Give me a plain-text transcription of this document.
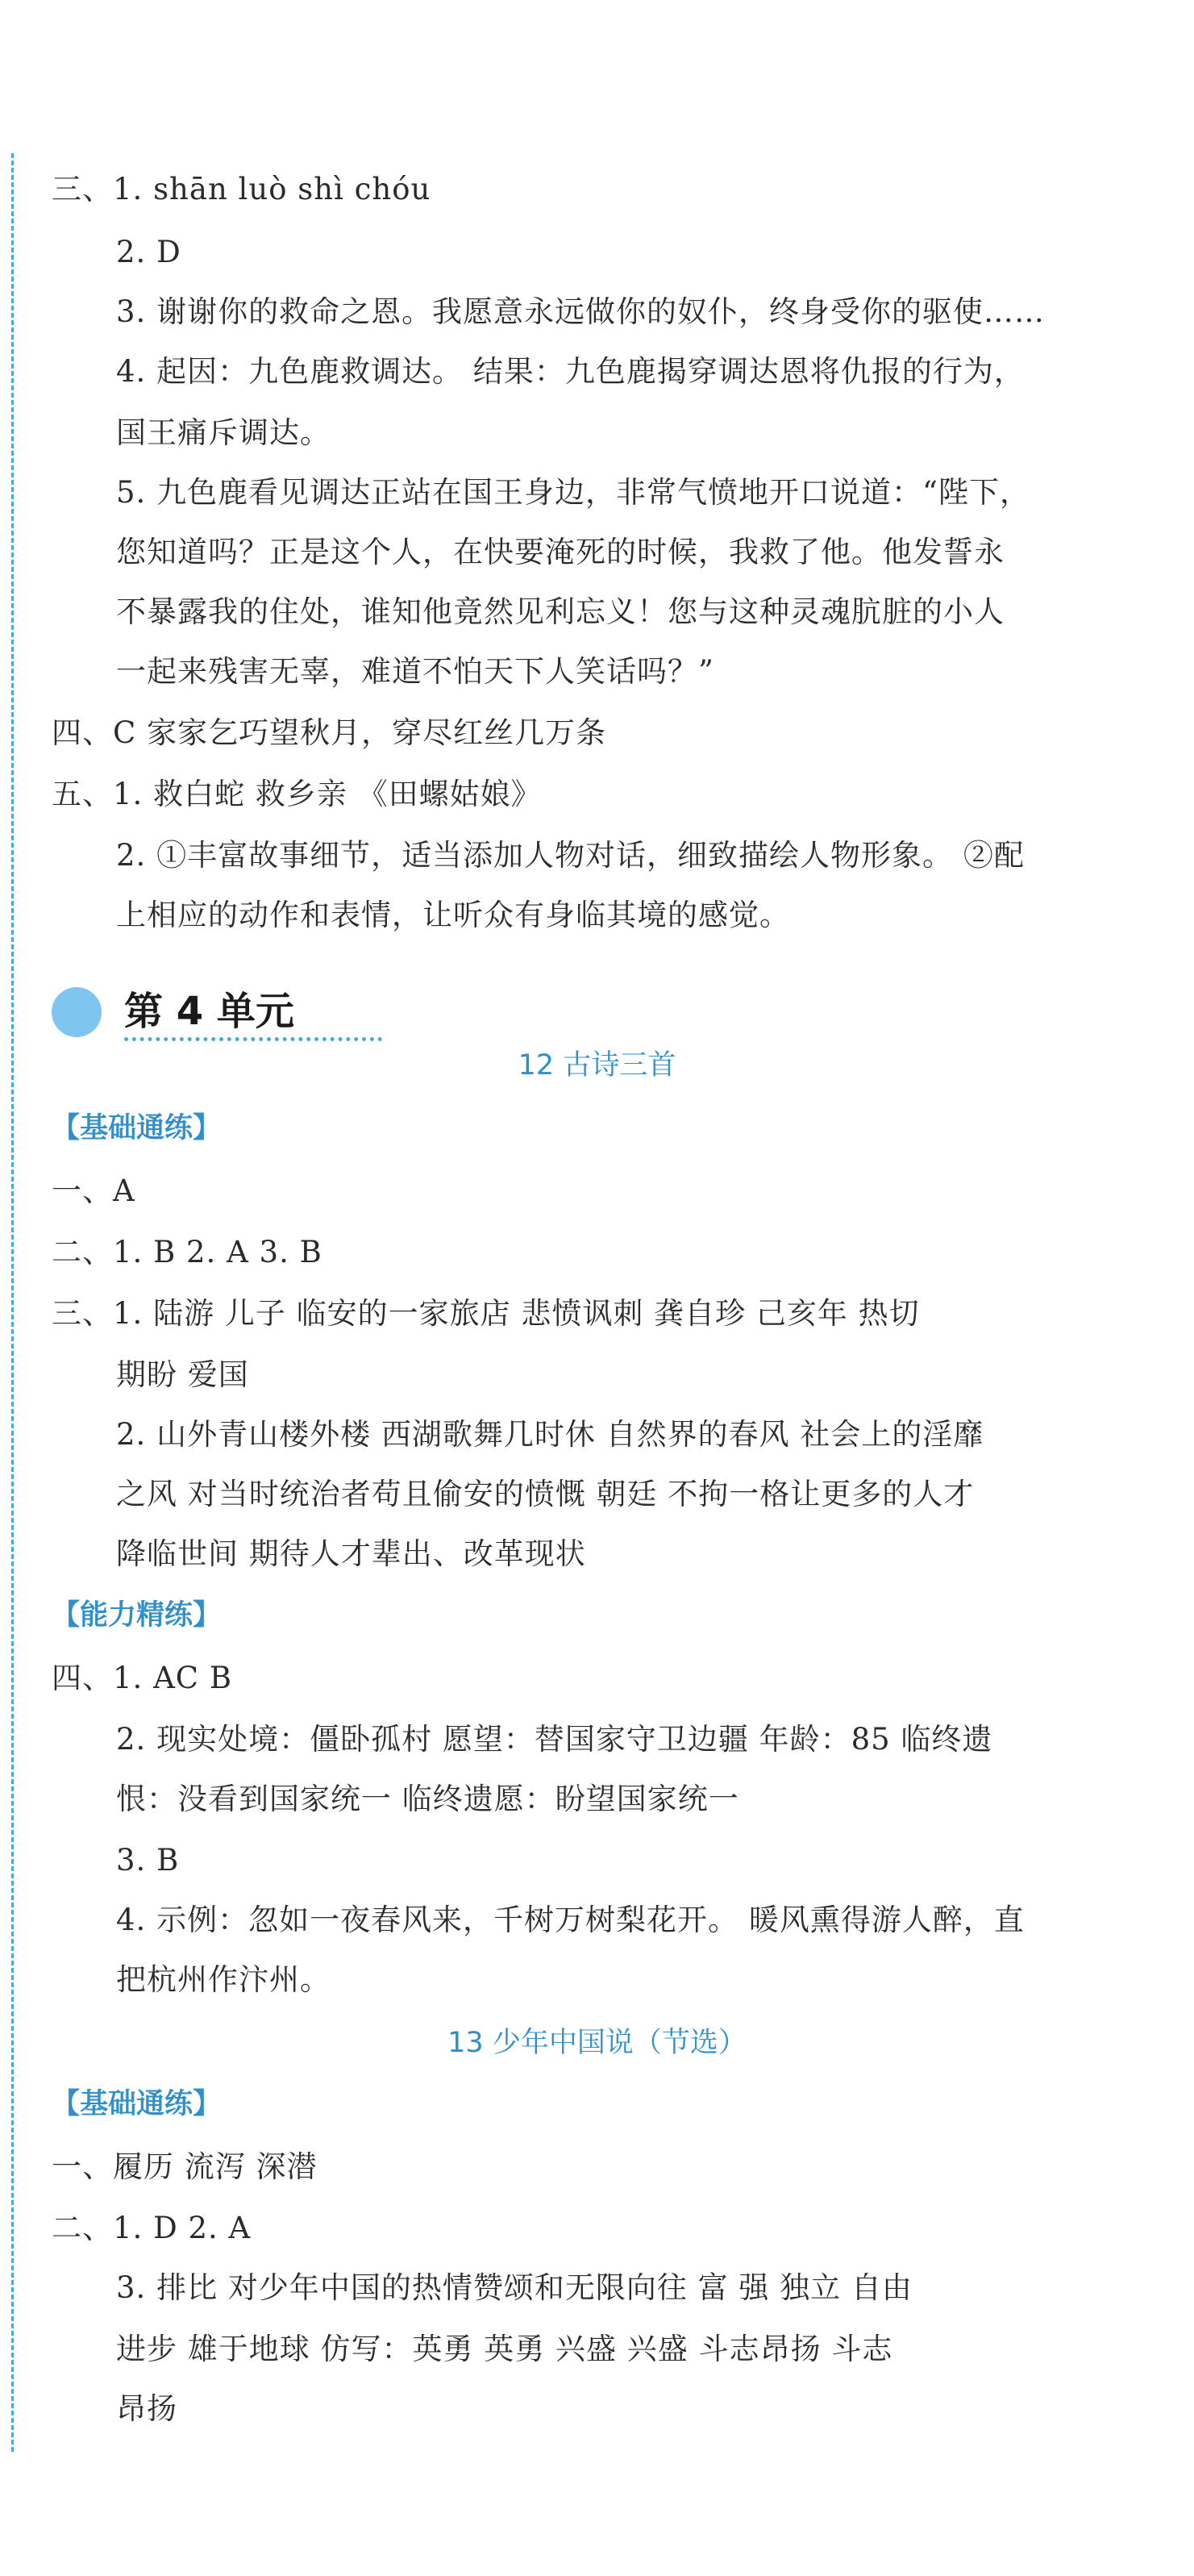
三、1. shān luò shì chóu
2. D
3. 谢谢你的救命之恩。我愿意永远做你的奴仆，终身受你的驱使……
4. 起因：九色鹿救调达。 结果：九色鹿揭穿调达恩将仇报的行为，
国王痛斥调达。
5. 九色鹿看见调达正站在国王身边，非常气愤地开口说道：“陛下，
您知道吗？正是这个人，在快要淹死的时候，我救了他。他发誓永
不暴露我的住处，谁知他竟然见利忘义！您与这种灵魂肮脏的小人
一起来残害无辜，难道不怕天下人笑话吗？”
四、C 家家乞巧望秋月，穿尽红丝几万条
五、1. 救白蛇 救乡亲 《田螺姑娘》
2. ①丰富故事细节，适当添加人物对话，细致描绘人物形象。 ②配
上相应的动作和表情，让听众有身临其境的感觉。
第 4 单元
12 古诗三首
【基础通练】
一、A
二、1. B 2. A 3. B
三、1. 陆游 儿子 临安的一家旅店 悲愤讽刺 龚自珍 己亥年 热切
期盼 爱国
2. 山外青山楼外楼 西湖歌舞几时休 自然界的春风 社会上的淫靡
之风 对当时统治者苟且偷安的愤慨 朝廷 不拘一格让更多的人才
降临世间 期待人才辈出、改革现状
【能力精练】
四、1. AC B
2. 现实处境：僵卧孤村 愿望：替国家守卫边疆 年龄：85 临终遗
恨：没看到国家统一 临终遗愿：盼望国家统一
3. B
4. 示例：忽如一夜春风来，千树万树梨花开。 暖风熏得游人醉，直
把杭州作汴州。
13 少年中国说（节选）
【基础通练】
一、履历 流泻 深潜
二、1. D 2. A
3. 排比 对少年中国的热情赞颂和无限向往 富 强 独立 自由
进步 雄于地球 仿写：英勇 英勇 兴盛 兴盛 斗志昂扬 斗志
昂扬
